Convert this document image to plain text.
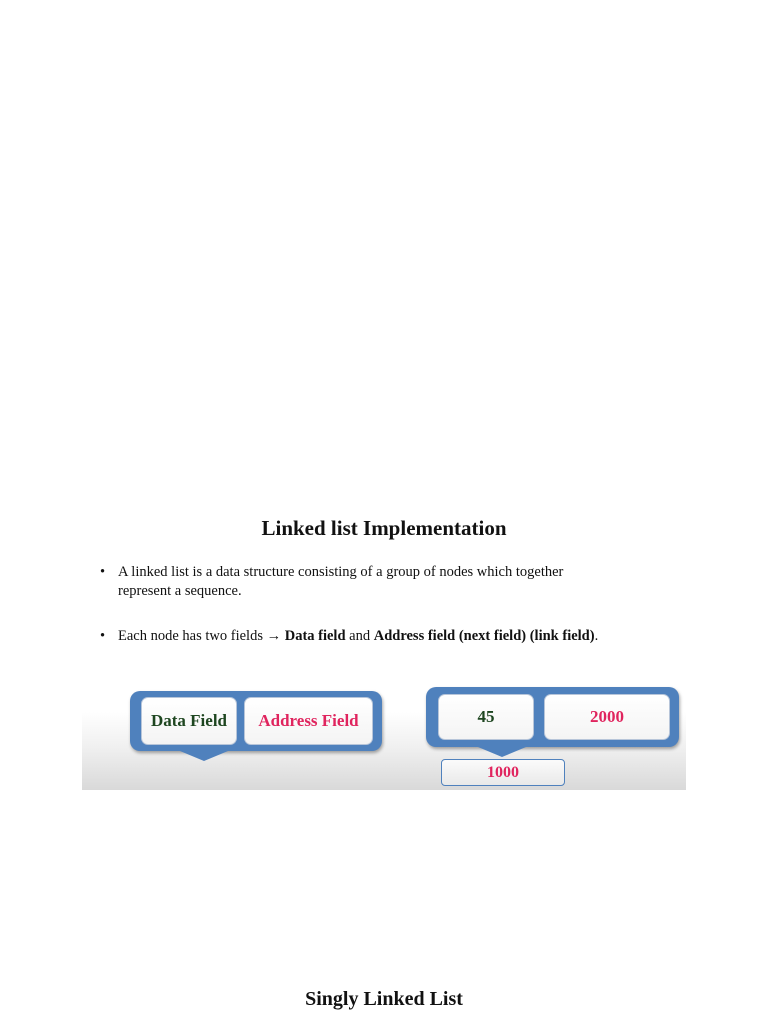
Linked list Implementation
• A linked list is a data structure consisting of a group of nodes which together
represent a sequence.
• Each node has two fields → Data field and Address field (next field) (link field).
Data Field	Address Field	45	2000
1000
Singly Linked List
